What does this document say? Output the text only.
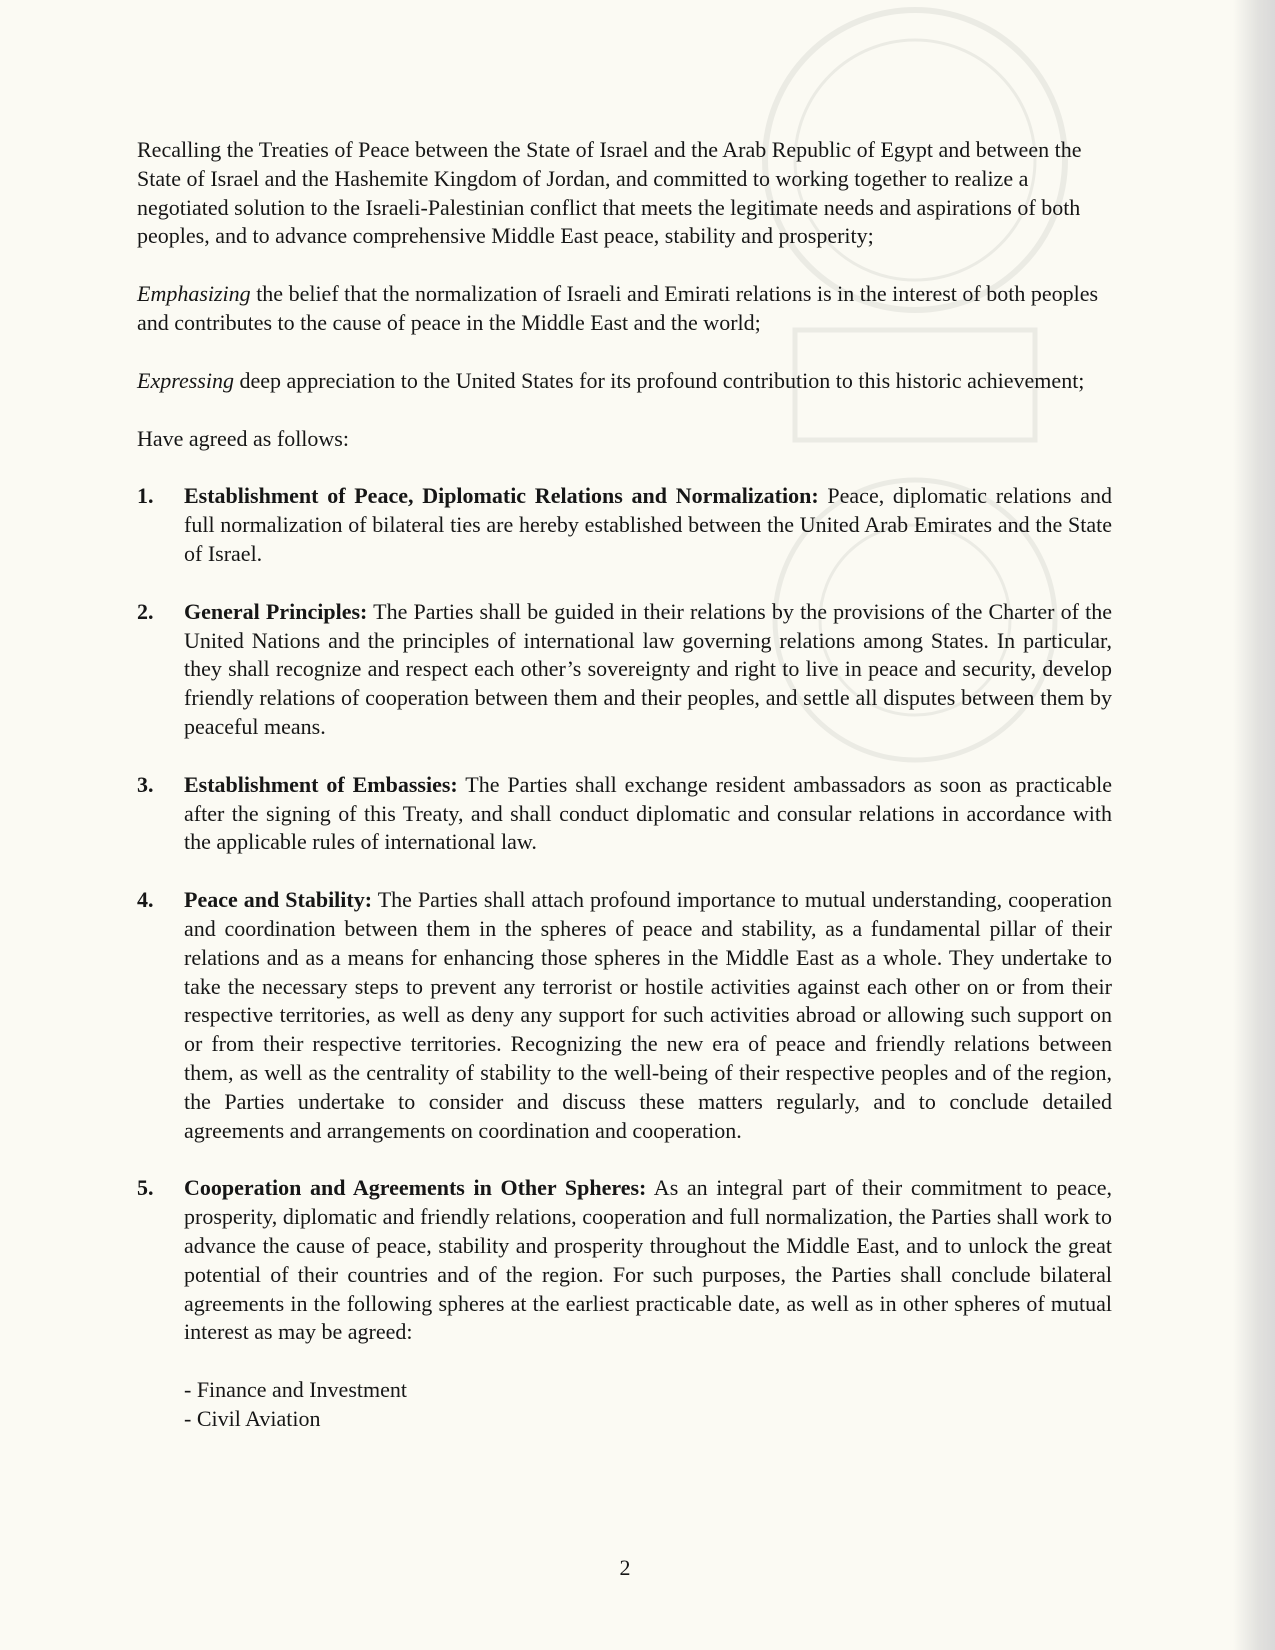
Recalling the Treaties of Peace between the State of Israel and the Arab Republic of Egypt and between the State of Israel and the Hashemite Kingdom of Jordan, and committed to working together to realize a negotiated solution to the Israeli-Palestinian conflict that meets the legitimate needs and aspirations of both peoples, and to advance comprehensive Middle East peace, stability and prosperity;

Emphasizing the belief that the normalization of Israeli and Emirati relations is in the interest of both peoples and contributes to the cause of peace in the Middle East and the world;

Expressing deep appreciation to the United States for its profound contribution to this historic achievement;

Have agreed as follows:

1. Establishment of Peace, Diplomatic Relations and Normalization: Peace, diplomatic relations and full normalization of bilateral ties are hereby established between the United Arab Emirates and the State of Israel.
2. General Principles: The Parties shall be guided in their relations by the provisions of the Charter of the United Nations and the principles of international law governing relations among States. In particular, they shall recognize and respect each other’s sovereignty and right to live in peace and security, develop friendly relations of cooperation between them and their peoples, and settle all disputes between them by peaceful means.
3. Establishment of Embassies: The Parties shall exchange resident ambassadors as soon as practicable after the signing of this Treaty, and shall conduct diplomatic and consular relations in accordance with the applicable rules of international law.
4. Peace and Stability: The Parties shall attach profound importance to mutual understanding, cooperation and coordination between them in the spheres of peace and stability, as a fundamental pillar of their relations and as a means for enhancing those spheres in the Middle East as a whole. They undertake to take the necessary steps to prevent any terrorist or hostile activities against each other on or from their respective territories, as well as deny any support for such activities abroad or allowing such support on or from their respective territories. Recognizing the new era of peace and friendly relations between them, as well as the centrality of stability to the well-being of their respective peoples and of the region, the Parties undertake to consider and discuss these matters regularly, and to conclude detailed agreements and arrangements on coordination and cooperation.
5. Cooperation and Agreements in Other Spheres: As an integral part of their commitment to peace, prosperity, diplomatic and friendly relations, cooperation and full normalization, the Parties shall work to advance the cause of peace, stability and prosperity throughout the Middle East, and to unlock the great potential of their countries and of the region. For such purposes, the Parties shall conclude bilateral agreements in the following spheres at the earliest practicable date, as well as in other spheres of mutual interest as may be agreed:
- Finance and Investment
- Civil Aviation
2
